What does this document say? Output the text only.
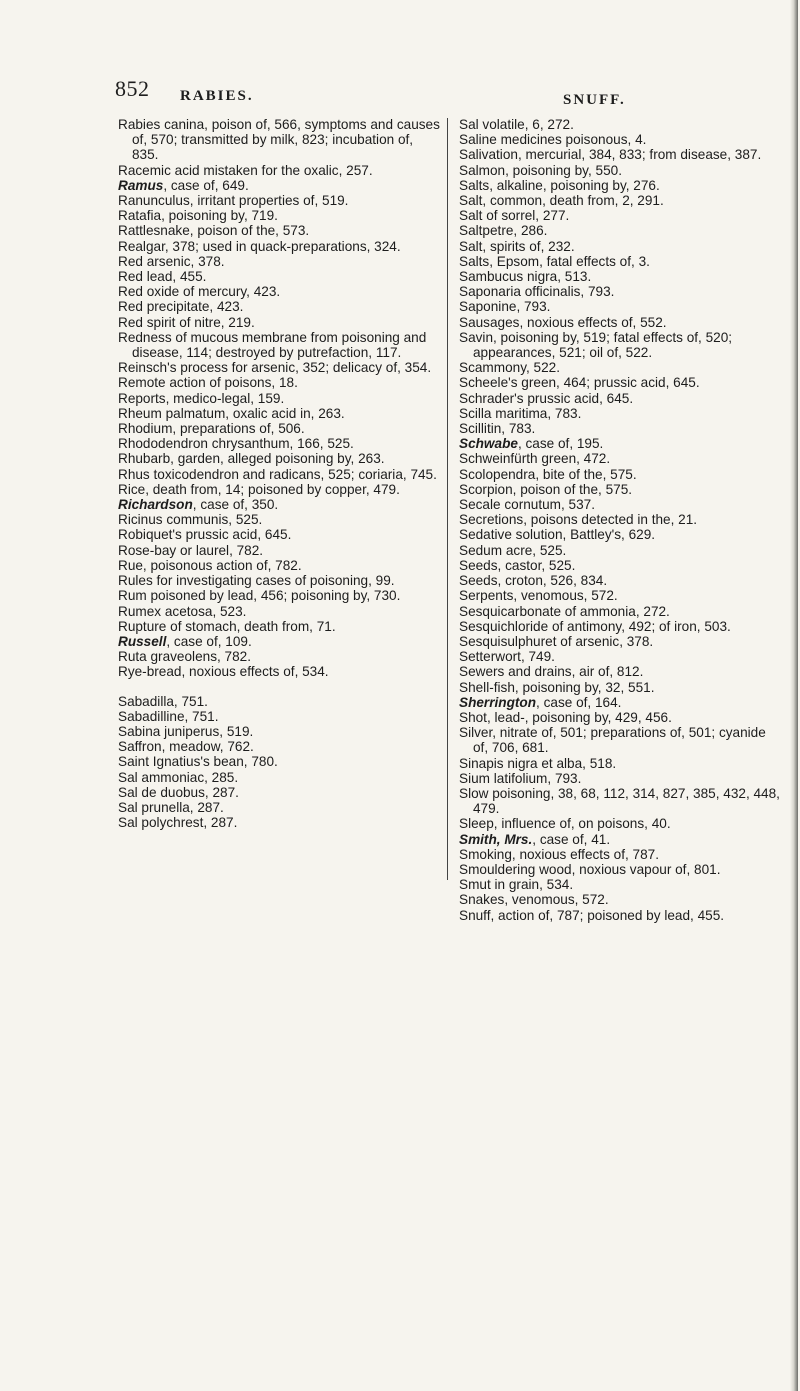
852 RABIES.	SNUFF.

Rabies canina, poison of, 566, symptoms and causes of, 570; transmitted by milk, 823; incubation of, 835.

Racemic acid mistaken for the oxalic, 257.

Ramus, case of, 649.

Ranunculus, irritant properties of, 519.

Ratafia, poisoning by, 719.

Rattlesnake, poison of the, 573.

Realgar, 378; used in quack-preparations, 324.

Red arsenic, 378.

Red lead, 455.

Red oxide of mercury, 423.

Red precipitate, 423.

Red spirit of nitre, 219.

Redness of mucous membrane from poisoning and disease, 114; destroyed by putrefaction, 117.

Reinsch's process for arsenic, 352; delicacy of, 354.

Remote action of poisons, 18.

Reports, medico-legal, 159.

Rheum palmatum, oxalic acid in, 263.

Rhodium, preparations of, 506.

Rhododendron chrysanthum, 166, 525.

Rhubarb, garden, alleged poisoning by, 263.

Rhus toxicodendron and radicans, 525; coriaria, 745.

Rice, death from, 14; poisoned by copper, 479.

Richardson, case of, 350.

Ricinus communis, 525.

Robiquet's prussic acid, 645.

Rose-bay or laurel, 782.

Rue, poisonous action of, 782.

Rules for investigating cases of poisoning, 99.

Rum poisoned by lead, 456; poisoning by, 730.

Rumex acetosa, 523.

Rupture of stomach, death from, 71.

Russell, case of, 109.

Ruta graveolens, 782.

Rye-bread, noxious effects of, 534.

Sabadilla, 751.

Sabadilline, 751.

Sabina juniperus, 519.

Saffron, meadow, 762.

Saint Ignatius's bean, 780.

Sal ammoniac, 285.

Sal de duobus, 287.

Sal prunella, 287.

Sal polychrest, 287.

Sal volatile, 6, 272.

Saline medicines poisonous, 4.

Salivation, mercurial, 384, 833; from disease, 387.

Salmon, poisoning by, 550.

Salts, alkaline, poisoning by, 276.

Salt, common, death from, 2, 291.

Salt of sorrel, 277.

Saltpetre, 286.

Salt, spirits of, 232.

Salts, Epsom, fatal effects of, 3.

Sambucus nigra, 513.

Saponaria officinalis, 793.

Saponine, 793.

Sausages, noxious effects of, 552.

Savin, poisoning by, 519; fatal effects of, 520; appearances, 521; oil of, 522.

Scammony, 522.

Scheele's green, 464; prussic acid, 645.

Schrader's prussic acid, 645.

Scilla maritima, 783.

Scillitin, 783.

Schwabe, case of, 195.

Schweinfürth green, 472.

Scolopendra, bite of the, 575.

Scorpion, poison of the, 575.

Secale cornutum, 537.

Secretions, poisons detected in the, 21.

Sedative solution, Battley's, 629.

Sedum acre, 525.

Seeds, castor, 525.

Seeds, croton, 526, 834.

Serpents, venomous, 572.

Sesquicarbonate of ammonia, 272.

Sesquichloride of antimony, 492; of iron, 503.

Sesquisulphuret of arsenic, 378.

Setterwort, 749.

Sewers and drains, air of, 812.

Shell-fish, poisoning by, 32, 551.

Sherrington, case of, 164.

Shot, lead-, poisoning by, 429, 456.

Silver, nitrate of, 501; preparations of, 501; cyanide of, 706, 681.

Sinapis nigra et alba, 518.

Sium latifolium, 793.

Slow poisoning, 38, 68, 112, 314, 827, 385, 432, 448, 479.

Sleep, influence of, on poisons, 40.

Smith, Mrs., case of, 41.

Smoking, noxious effects of, 787.

Smouldering wood, noxious vapour of, 801.

Smut in grain, 534.

Snakes, venomous, 572.

Snuff, action of, 787; poisoned by lead, 455.
